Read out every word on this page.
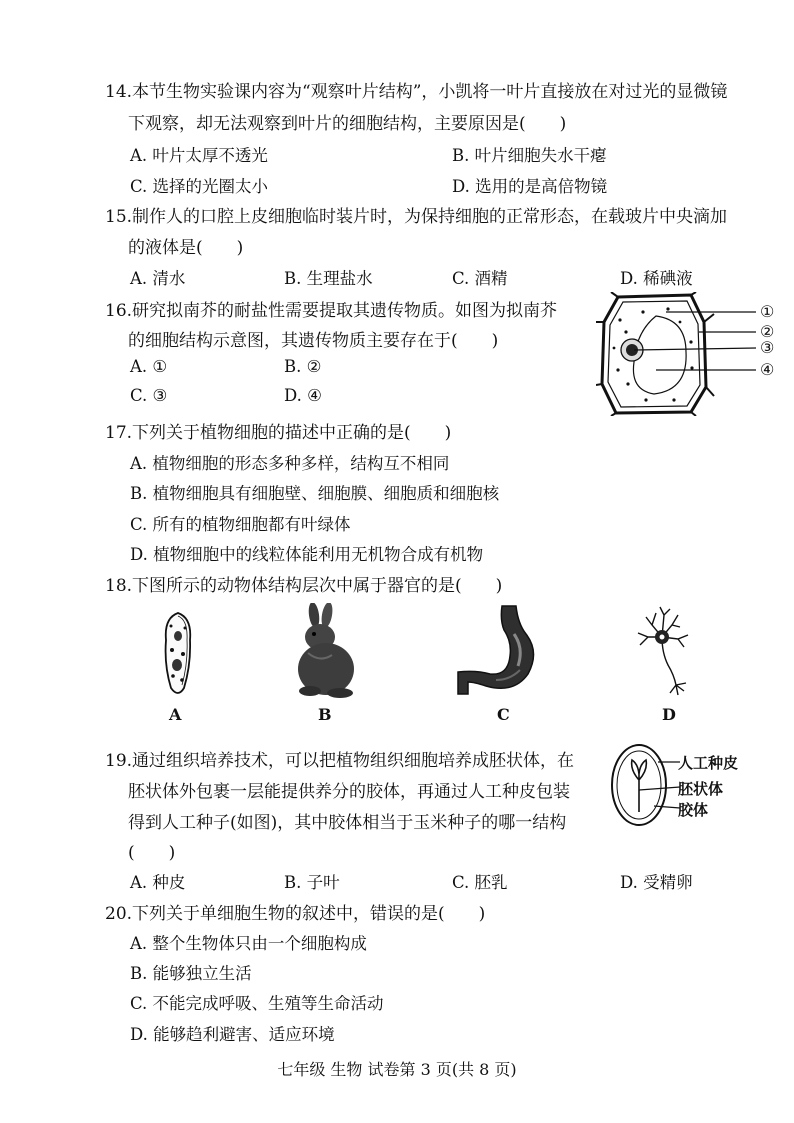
14.本节生物实验课内容为“观察叶片结构”，小凯将一叶片直接放在对过光的显微镜
下观察，却无法观察到叶片的细胞结构，主要原因是(　　)
A. 叶片太厚不透光	B. 叶片细胞失水干瘪
C. 选择的光圈太小	D. 选用的是高倍物镜
15.制作人的口腔上皮细胞临时装片时，为保持细胞的正常形态，在载玻片中央滴加
的液体是(　　)
A. 清水	B. 生理盐水	C. 酒精	D. 稀碘液
16.研究拟南芥的耐盐性需要提取其遗传物质。如图为拟南芥
的细胞结构示意图，其遗传物质主要存在于(　　)
A. ①	B. ②
C. ③	D. ④
①
②
③
④
17.下列关于植物细胞的描述中正确的是(　　)
A. 植物细胞的形态多种多样，结构互不相同
B. 植物细胞具有细胞壁、细胞膜、细胞质和细胞核
C. 所有的植物细胞都有叶绿体
D. 植物细胞中的线粒体能利用无机物合成有机物
18.下图所示的动物体结构层次中属于器官的是(　　)
A	B	C	D
19.通过组织培养技术，可以把植物组织细胞培养成胚状体，在
胚状体外包裹一层能提供养分的胶体，再通过人工种皮包装
得到人工种子(如图)，其中胶体相当于玉米种子的哪一结构
(　　)
A. 种皮	B. 子叶	C. 胚乳	D. 受精卵
人工种皮
胚状体
胶体
20.下列关于单细胞生物的叙述中，错误的是(　　)
A. 整个生物体只由一个细胞构成
B. 能够独立生活
C. 不能完成呼吸、生殖等生命活动
D. 能够趋利避害、适应环境
七年级 生物 试卷第 3 页(共 8 页)
